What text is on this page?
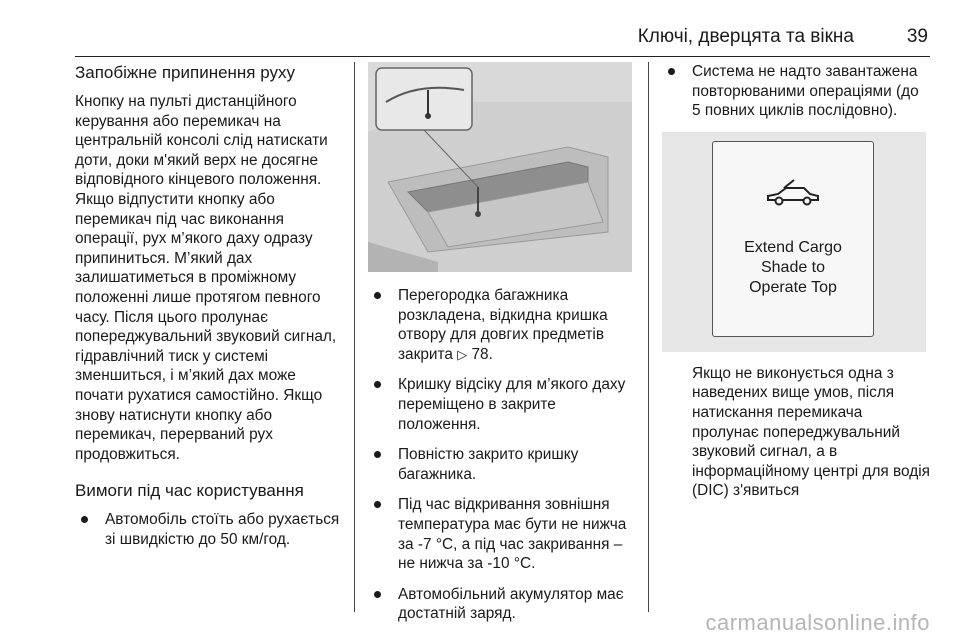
Ключі, дверцята та вікна	39
Запобіжне припинення руху

Кнопку на пульті дистанційного керування або перемикач на центральній консолі слід натискати доти, доки м'який верх не досягне відповідного кінцевого положення. Якщо відпустити кнопку або перемикач під час виконання операції, рух м’якого даху одразу припиниться. М’який дах залишатиметься в проміжному положенні лише протягом певного часу. Після цього пролунає попереджувальний звуковий сигнал, гідравлічний тиск у системі зменшиться, і м’який дах може почати рухатися самостійно. Якщо знову натиснути кнопку або перемикач, перерваний рух продовжиться.

Вимоги під час користування
Автомобіль стоїть або рухається зі швидкістю до 50 км/год.
Перегородка багажника розкладена, відкидна кришка отвору для довгих предметів закрита ▷ 78.
Кришку відсіку для м’якого даху переміщено в закрите положення.
Повністю закрито кришку багажника.
Під час відкривання зовнішня температура має бути не нижча за -7 °C, а під час закривання – не нижча за -10 °C.
Автомобільний акумулятор має достатній заряд.
Система не надто завантажена повторюваними операціями (до 5 повних циклів послідовно).
Extend Cargo
Shade to
Operate Top

Якщо не виконується одна з наведених вище умов, після натискання перемикача пролунає попереджувальний звуковий сигнал, а в інформаційному центрі для водія (DIC) з'явиться

carmanualsonline.info
